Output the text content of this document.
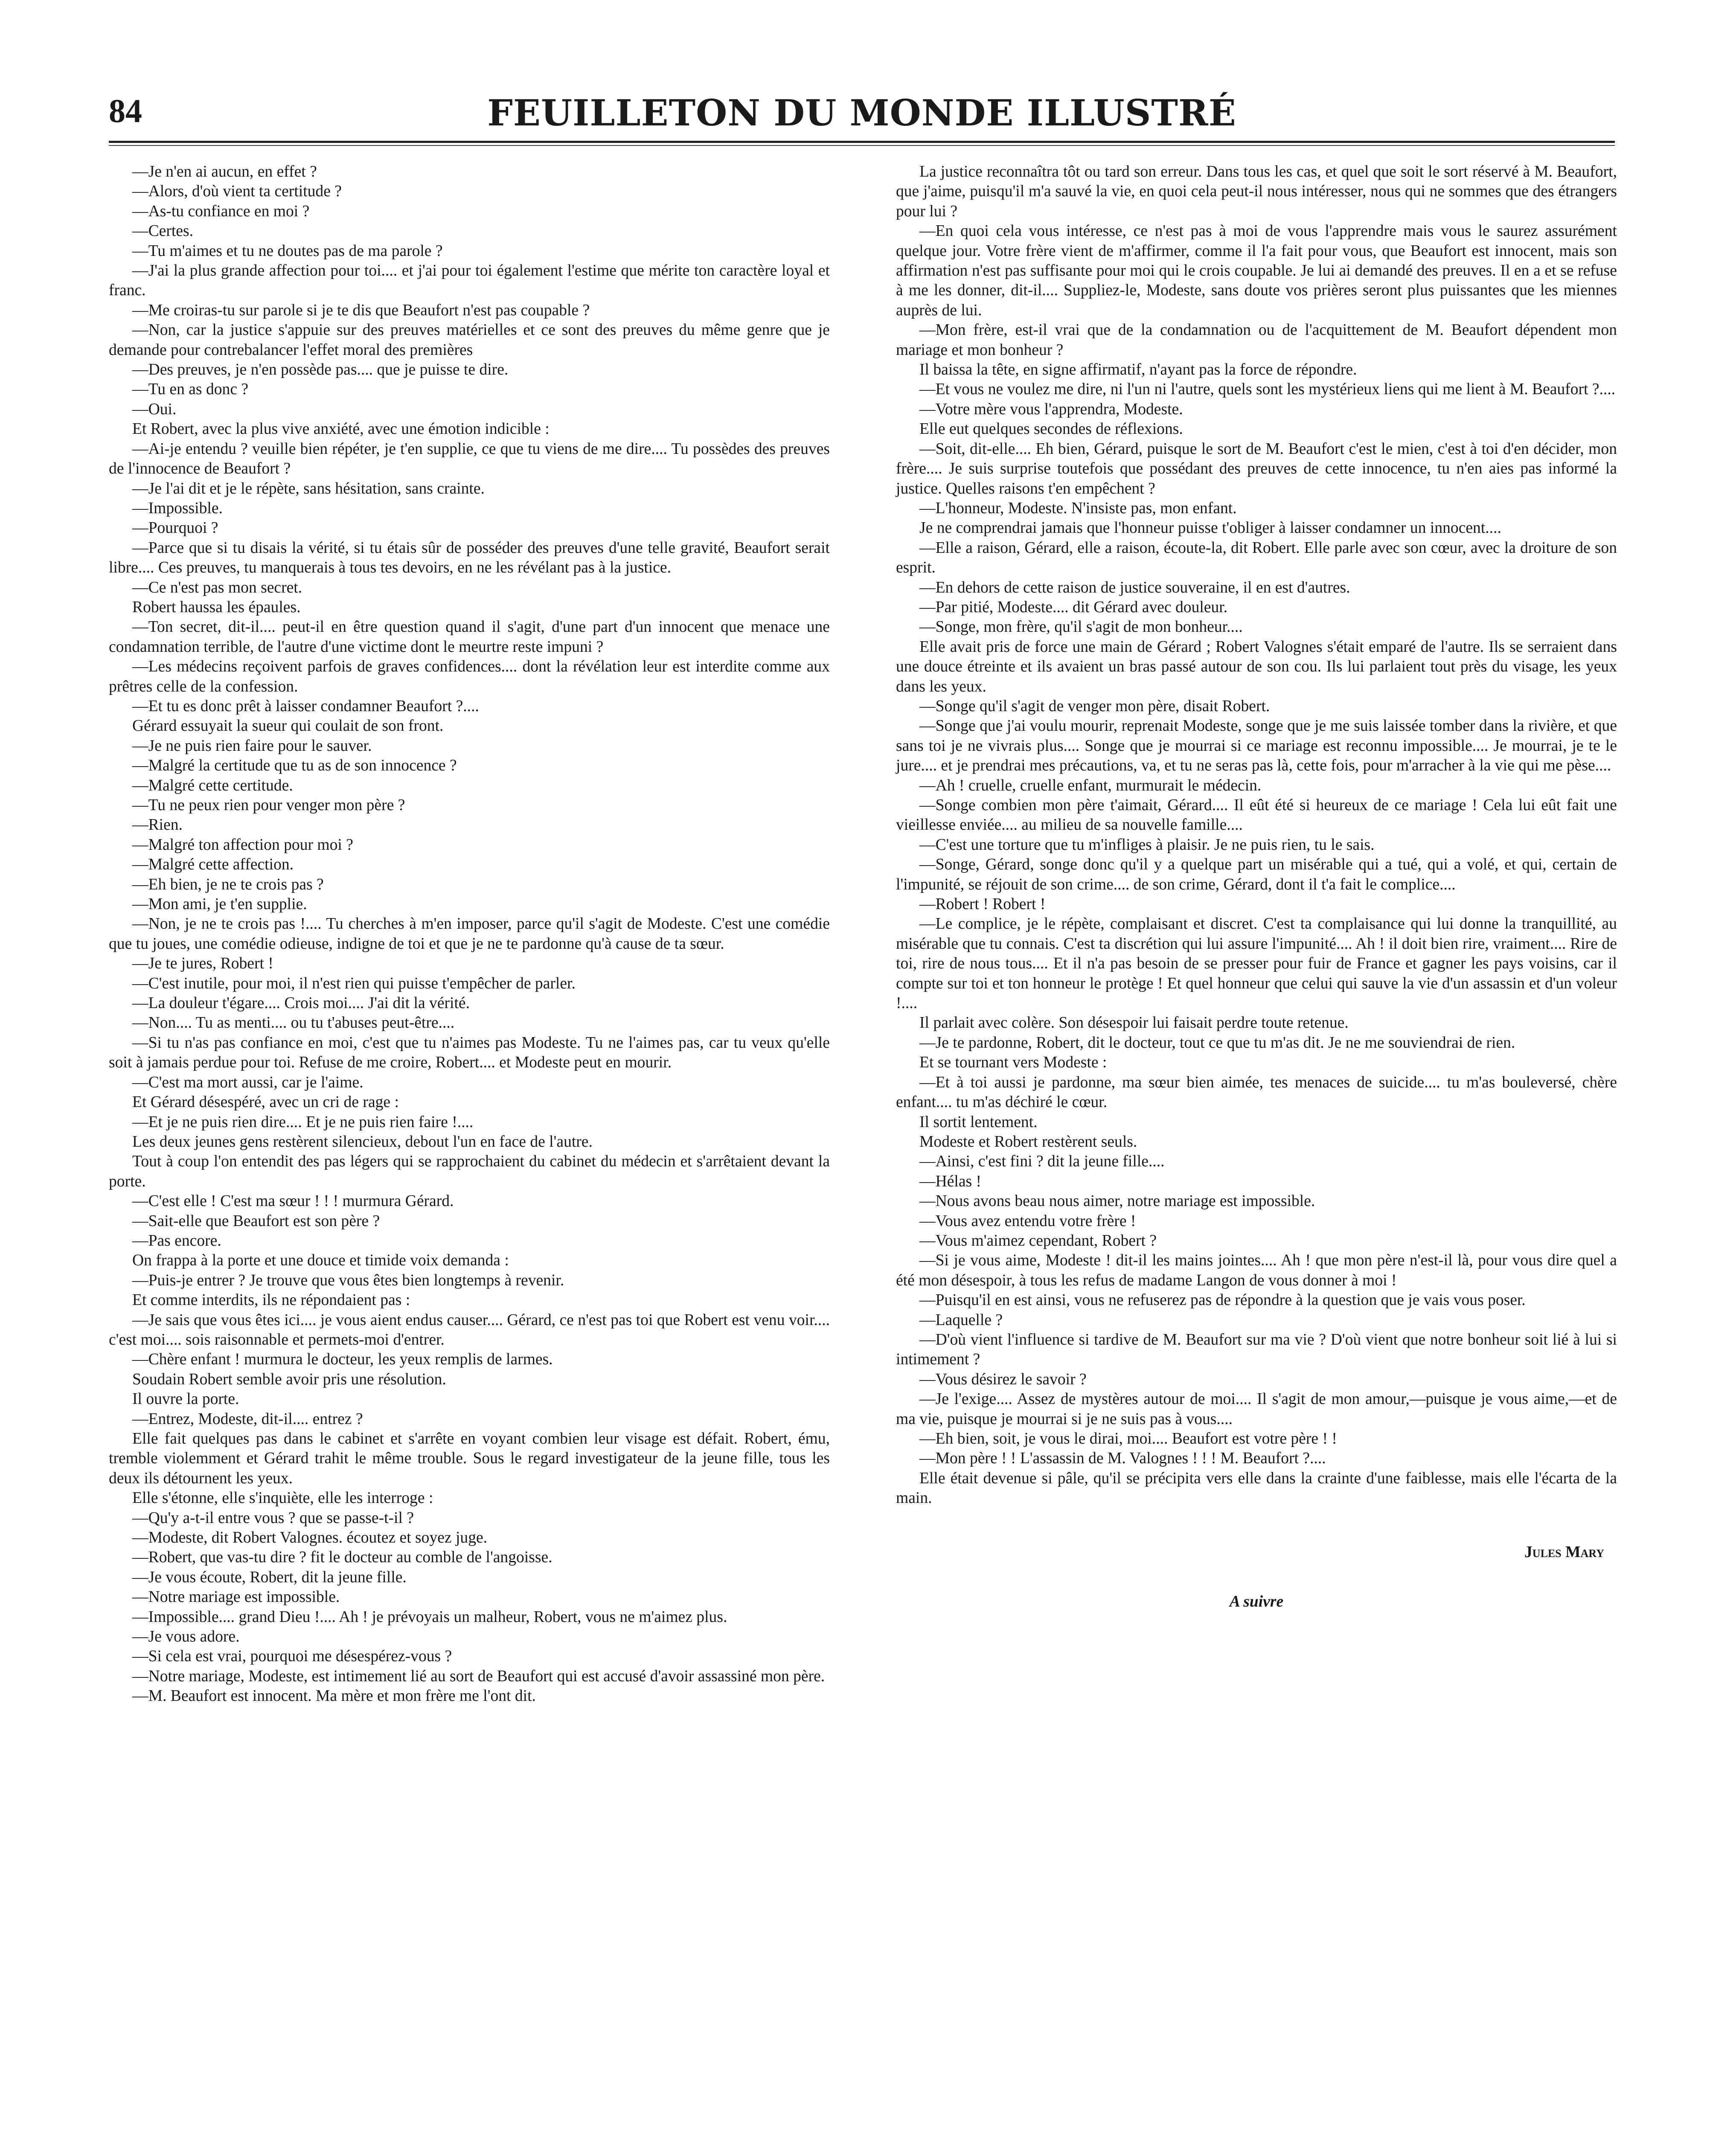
84	FEUILLETON DU MONDE ILLUSTRÉ

—Je n'en ai aucun, en effet ?

—Alors, d'où vient ta certitude ?

—As-tu confiance en moi ?

—Certes.

—Tu m'aimes et tu ne doutes pas de ma parole ?

—J'ai la plus grande affection pour toi.... et j'ai pour toi également l'estime que mérite ton caractère loyal et franc.

—Me croiras-tu sur parole si je te dis que Beaufort n'est pas coupable ?

—Non, car la justice s'appuie sur des preuves matérielles et ce sont des preuves du même genre que je demande pour contrebalancer l'effet moral des premières

—Des preuves, je n'en possède pas.... que je puisse te dire.

—Tu en as donc ?

—Oui.

Et Robert, avec la plus vive anxiété, avec une émotion indicible :

—Ai-je entendu ? veuille bien répéter, je t'en supplie, ce que tu viens de me dire.... Tu possèdes des preuves de l'innocence de Beaufort ?

—Je l'ai dit et je le répète, sans hésitation, sans crainte.

—Impossible.

—Pourquoi ?

—Parce que si tu disais la vérité, si tu étais sûr de posséder des preuves d'une telle gravité, Beaufort serait libre.... Ces preuves, tu manquerais à tous tes devoirs, en ne les révélant pas à la justice.

—Ce n'est pas mon secret.

Robert haussa les épaules.

—Ton secret, dit-il.... peut-il en être question quand il s'agit, d'une part d'un innocent que menace une condamnation terrible, de l'autre d'une victime dont le meurtre reste impuni ?

—Les médecins reçoivent parfois de graves confidences.... dont la révélation leur est interdite comme aux prêtres celle de la confession.

—Et tu es donc prêt à laisser condamner Beaufort ?....

Gérard essuyait la sueur qui coulait de son front.

—Je ne puis rien faire pour le sauver.

—Malgré la certitude que tu as de son innocence ?

—Malgré cette certitude.

—Tu ne peux rien pour venger mon père ?

—Rien.

—Malgré ton affection pour moi ?

—Malgré cette affection.

—Eh bien, je ne te crois pas ?

—Mon ami, je t'en supplie.

—Non, je ne te crois pas !.... Tu cherches à m'en imposer, parce qu'il s'agit de Modeste. C'est une comédie que tu joues, une comédie odieuse, indigne de toi et que je ne te pardonne qu'à cause de ta sœur.

—Je te jures, Robert !

—C'est inutile, pour moi, il n'est rien qui puisse t'empêcher de parler.

—La douleur t'égare.... Crois moi.... J'ai dit la vérité.

—Non.... Tu as menti.... ou tu t'abuses peut-être....

—Si tu n'as pas confiance en moi, c'est que tu n'aimes pas Modeste. Tu ne l'aimes pas, car tu veux qu'elle soit à jamais perdue pour toi. Refuse de me croire, Robert.... et Modeste peut en mourir.

—C'est ma mort aussi, car je l'aime.

Et Gérard désespéré, avec un cri de rage :

—Et je ne puis rien dire.... Et je ne puis rien faire !....

Les deux jeunes gens restèrent silencieux, debout l'un en face de l'autre.

Tout à coup l'on entendit des pas légers qui se rapprochaient du cabinet du médecin et s'arrêtaient devant la porte.

—C'est elle ! C'est ma sœur ! ! ! murmura Gérard.

—Sait-elle que Beaufort est son père ?

—Pas encore.

On frappa à la porte et une douce et timide voix demanda :

—Puis-je entrer ? Je trouve que vous êtes bien longtemps à revenir.

Et comme interdits, ils ne répondaient pas :

—Je sais que vous êtes ici.... je vous aient endus causer.... Gérard, ce n'est pas toi que Robert est venu voir.... c'est moi.... sois raisonnable et permets-moi d'entrer.

—Chère enfant ! murmura le docteur, les yeux remplis de larmes.

Soudain Robert semble avoir pris une résolution.

Il ouvre la porte.

—Entrez, Modeste, dit-il.... entrez ?

Elle fait quelques pas dans le cabinet et s'arrête en voyant combien leur visage est défait. Robert, ému, tremble violemment et Gérard trahit le même trouble. Sous le regard investigateur de la jeune fille, tous les deux ils détournent les yeux.

Elle s'étonne, elle s'inquiète, elle les interroge :

—Qu'y a-t-il entre vous ? que se passe-t-il ?

—Modeste, dit Robert Valognes. écoutez et soyez juge.

—Robert, que vas-tu dire ? fit le docteur au comble de l'angoisse.

—Je vous écoute, Robert, dit la jeune fille.

—Notre mariage est impossible.

—Impossible.... grand Dieu !.... Ah ! je prévoyais un malheur, Robert, vous ne m'aimez plus.

—Je vous adore.

—Si cela est vrai, pourquoi me désespérez-vous ?

—Notre mariage, Modeste, est intimement lié au sort de Beaufort qui est accusé d'avoir assassiné mon père.

—M. Beaufort est innocent. Ma mère et mon frère me l'ont dit.

La justice reconnaîtra tôt ou tard son erreur. Dans tous les cas, et quel que soit le sort réservé à M. Beaufort, que j'aime, puisqu'il m'a sauvé la vie, en quoi cela peut-il nous intéresser, nous qui ne sommes que des étrangers pour lui ?

—En quoi cela vous intéresse, ce n'est pas à moi de vous l'apprendre mais vous le saurez assurément quelque jour. Votre frère vient de m'affirmer, comme il l'a fait pour vous, que Beaufort est innocent, mais son affirmation n'est pas suffisante pour moi qui le crois coupable. Je lui ai demandé des preuves. Il en a et se refuse à me les donner, dit-il.... Suppliez-le, Modeste, sans doute vos prières seront plus puissantes que les miennes auprès de lui.

—Mon frère, est-il vrai que de la condamnation ou de l'acquittement de M. Beaufort dépendent mon mariage et mon bonheur ?

Il baissa la tête, en signe affirmatif, n'ayant pas la force de répondre.

—Et vous ne voulez me dire, ni l'un ni l'autre, quels sont les mystérieux liens qui me lient à M. Beaufort ?....

—Votre mère vous l'apprendra, Modeste.

Elle eut quelques secondes de réflexions.

—Soit, dit-elle.... Eh bien, Gérard, puisque le sort de M. Beaufort c'est le mien, c'est à toi d'en décider, mon frère.... Je suis surprise toutefois que possédant des preuves de cette innocence, tu n'en aies pas informé la justice. Quelles raisons t'en empêchent ?

—L'honneur, Modeste. N'insiste pas, mon enfant.

Je ne comprendrai jamais que l'honneur puisse t'obliger à laisser condamner un innocent....

—Elle a raison, Gérard, elle a raison, écoute-la, dit Robert. Elle parle avec son cœur, avec la droiture de son esprit.

—En dehors de cette raison de justice souveraine, il en est d'autres.

—Par pitié, Modeste.... dit Gérard avec douleur.

—Songe, mon frère, qu'il s'agit de mon bonheur....

Elle avait pris de force une main de Gérard ; Robert Valognes s'était emparé de l'autre. Ils se serraient dans une douce étreinte et ils avaient un bras passé autour de son cou. Ils lui parlaient tout près du visage, les yeux dans les yeux.

—Songe qu'il s'agit de venger mon père, disait Robert.

—Songe que j'ai voulu mourir, reprenait Modeste, songe que je me suis laissée tomber dans la rivière, et que sans toi je ne vivrais plus.... Songe que je mourrai si ce mariage est reconnu impossible.... Je mourrai, je te le jure.... et je prendrai mes précautions, va, et tu ne seras pas là, cette fois, pour m'arracher à la vie qui me pèse....

—Ah ! cruelle, cruelle enfant, murmurait le médecin.

—Songe combien mon père t'aimait, Gérard.... Il eût été si heureux de ce mariage ! Cela lui eût fait une vieillesse enviée.... au milieu de sa nouvelle famille....

—C'est une torture que tu m'infliges à plaisir. Je ne puis rien, tu le sais.

—Songe, Gérard, songe donc qu'il y a quelque part un misérable qui a tué, qui a volé, et qui, certain de l'impunité, se réjouit de son crime.... de son crime, Gérard, dont il t'a fait le complice....

—Robert ! Robert !

—Le complice, je le répète, complaisant et discret. C'est ta complaisance qui lui donne la tranquillité, au misérable que tu connais. C'est ta discrétion qui lui assure l'impunité.... Ah ! il doit bien rire, vraiment.... Rire de toi, rire de nous tous.... Et il n'a pas besoin de se presser pour fuir de France et gagner les pays voisins, car il compte sur toi et ton honneur le protège ! Et quel honneur que celui qui sauve la vie d'un assassin et d'un voleur !....

Il parlait avec colère. Son désespoir lui faisait perdre toute retenue.

—Je te pardonne, Robert, dit le docteur, tout ce que tu m'as dit. Je ne me souviendrai de rien.

Et se tournant vers Modeste :

—Et à toi aussi je pardonne, ma sœur bien aimée, tes menaces de suicide.... tu m'as bouleversé, chère enfant.... tu m'as déchiré le cœur.

Il sortit lentement.

Modeste et Robert restèrent seuls.

—Ainsi, c'est fini ? dit la jeune fille....

—Hélas !

—Nous avons beau nous aimer, notre mariage est impossible.

—Vous avez entendu votre frère !

—Vous m'aimez cependant, Robert ?

—Si je vous aime, Modeste ! dit-il les mains jointes.... Ah ! que mon père n'est-il là, pour vous dire quel a été mon désespoir, à tous les refus de madame Langon de vous donner à moi !

—Puisqu'il en est ainsi, vous ne refuserez pas de répondre à la question que je vais vous poser.

—Laquelle ?

—D'où vient l'influence si tardive de M. Beaufort sur ma vie ? D'où vient que notre bonheur soit lié à lui si intimement ?

—Vous désirez le savoir ?

—Je l'exige.... Assez de mystères autour de moi.... Il s'agit de mon amour,—puisque je vous aime,—et de ma vie, puisque je mourrai si je ne suis pas à vous....

—Eh bien, soit, je vous le dirai, moi.... Beaufort est votre père ! !

—Mon père ! ! L'assassin de M. Valognes ! ! ! M. Beaufort ?....

Elle était devenue si pâle, qu'il se précipita vers elle dans la crainte d'une faiblesse, mais elle l'écarta de la main.

Jules Mary

A suivre
